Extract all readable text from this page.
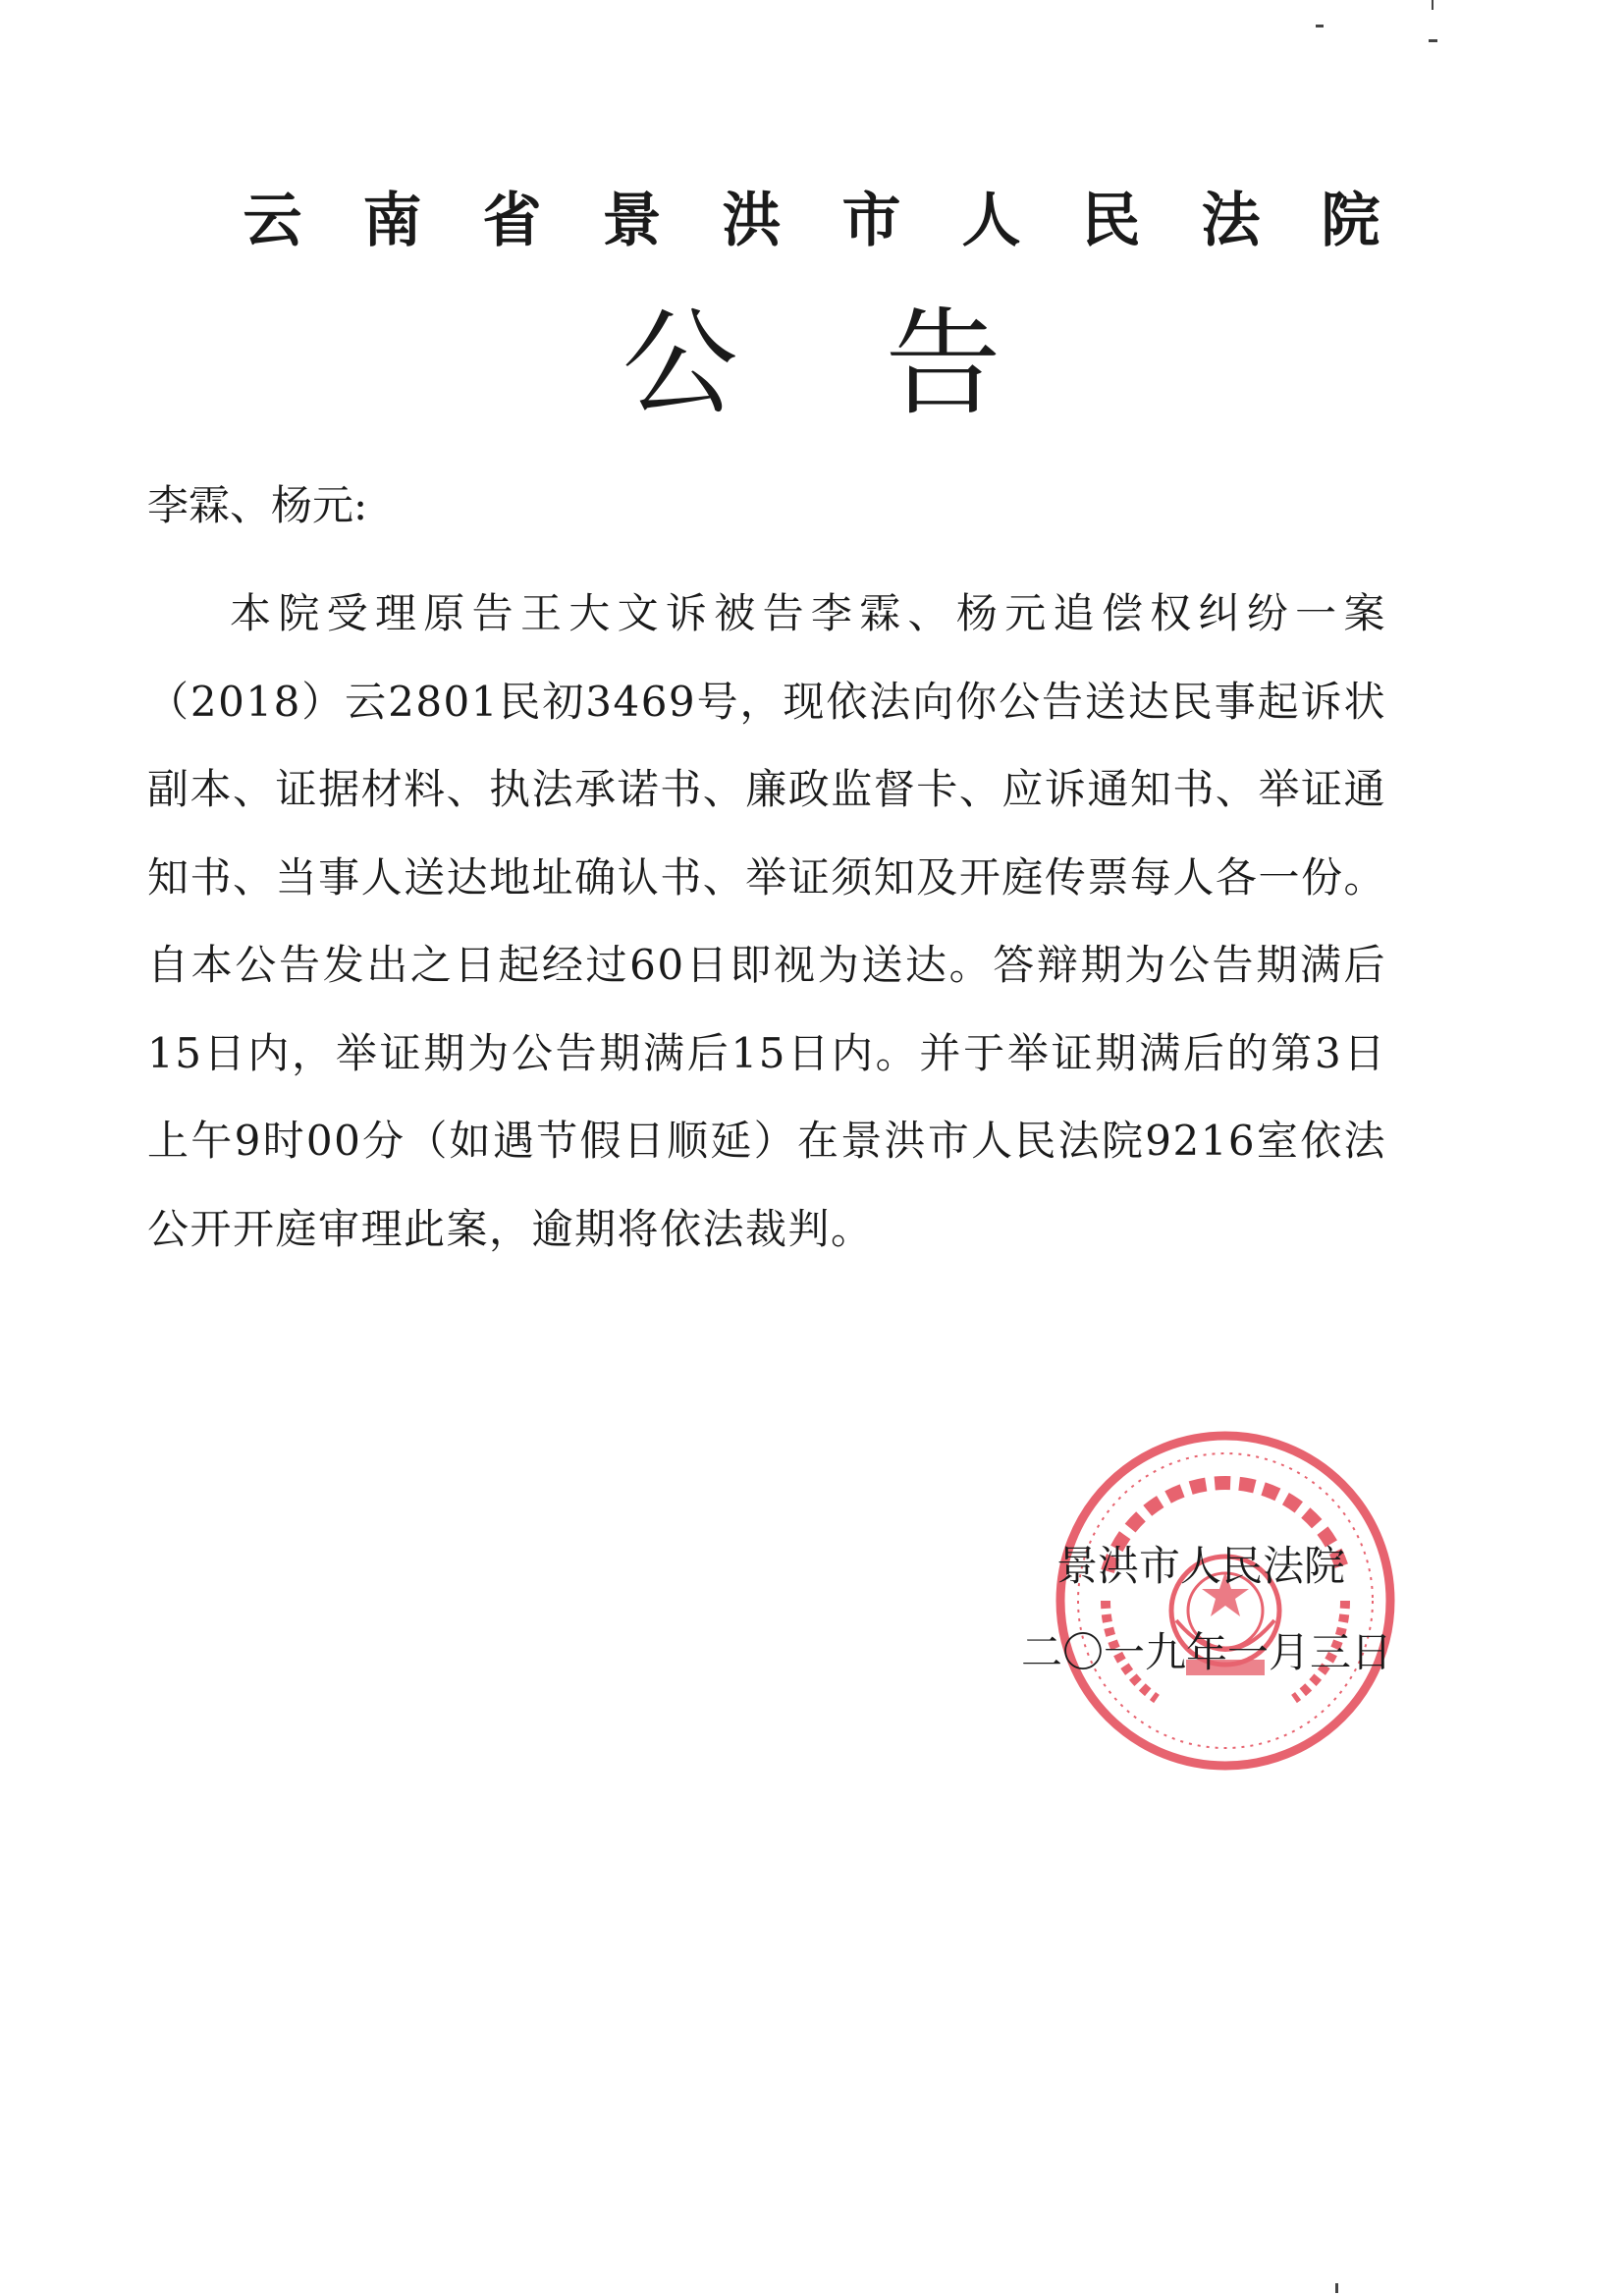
云南省景洪市人民法院
公告
李霖、杨元:

本院受理原告王大文诉被告李霖、杨元追偿权纠纷一案（2018）云2801民初3469号，现依法向你公告送达民事起诉状副本、证据材料、执法承诺书、廉政监督卡、应诉通知书、举证通知书、当事人送达地址确认书、举证须知及开庭传票每人各一份。自本公告发出之日起经过60日即视为送达。答辩期为公告期满后15日内，举证期为公告期满后15日内。并于举证期满后的第3日上午9时00分（如遇节假日顺延）在景洪市人民法院9216室依法公开开庭审理此案，逾期将依法裁判。

景洪市人民法院
二〇一九年一月三日
